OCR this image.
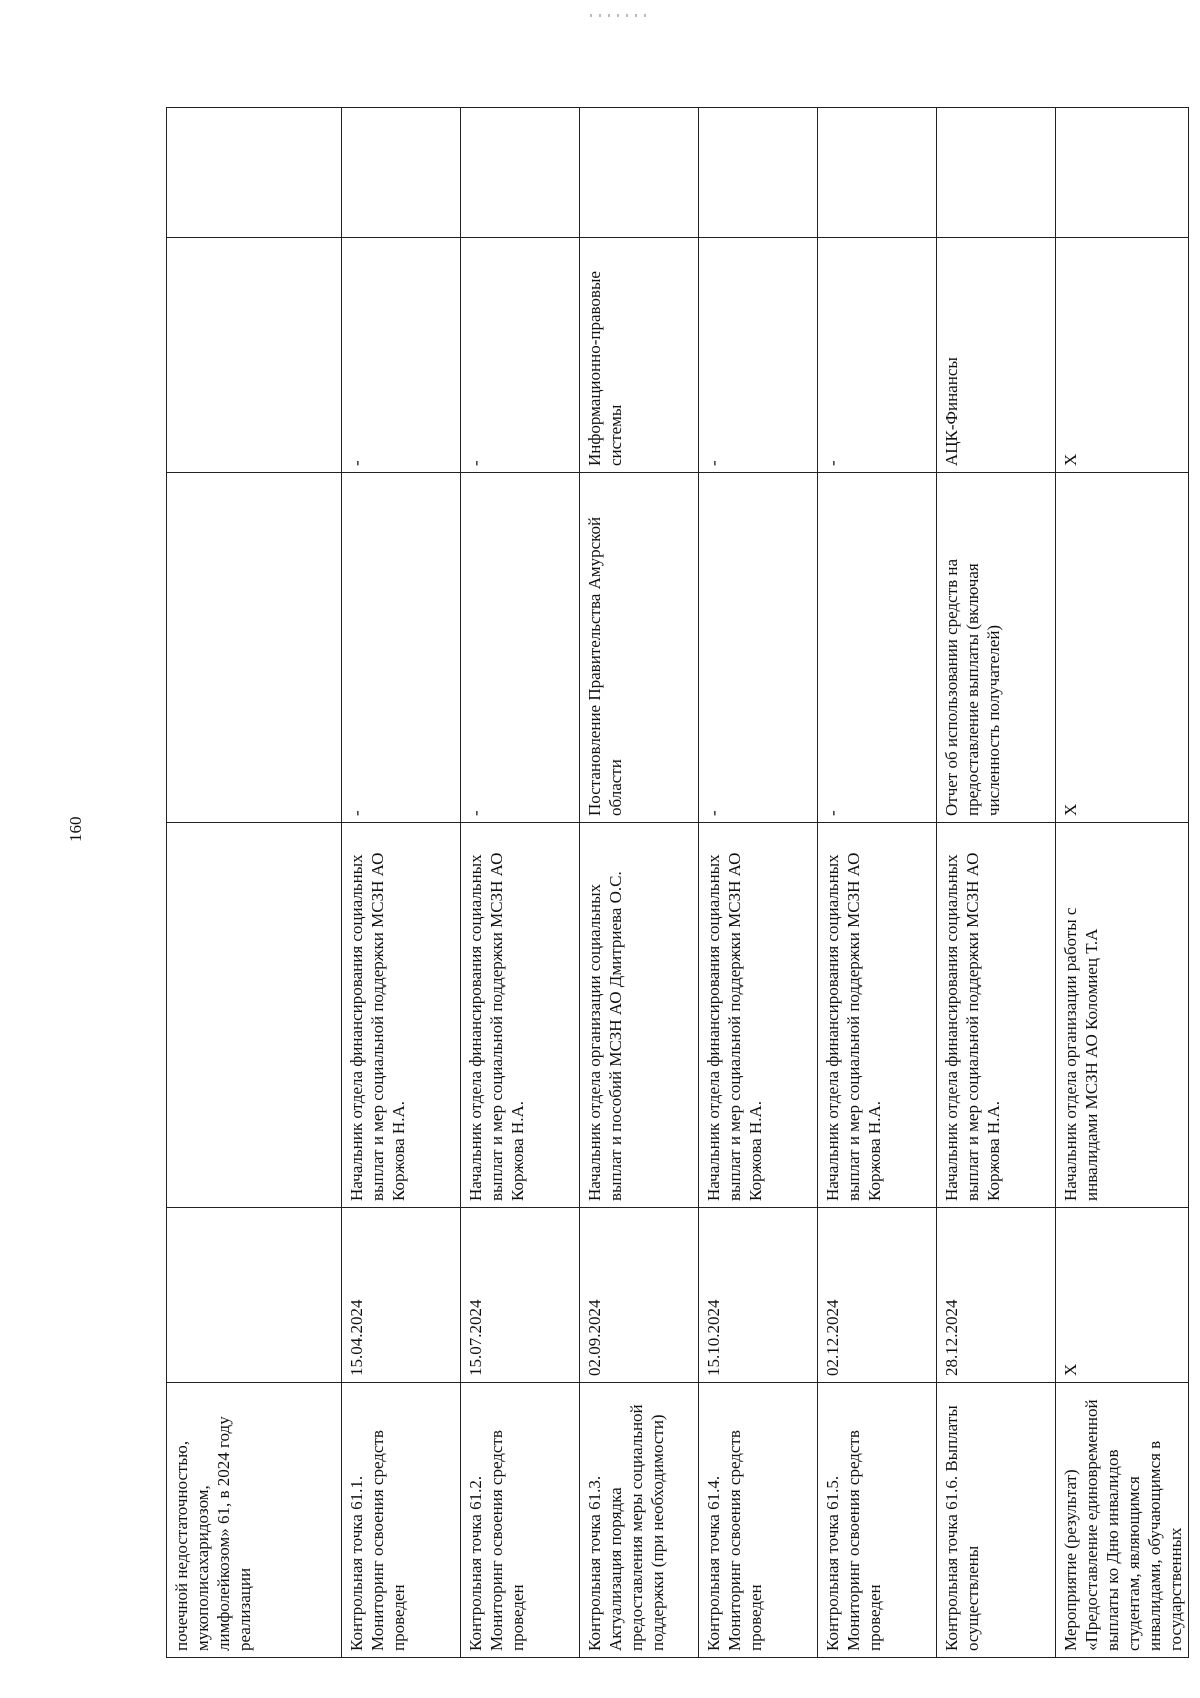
160
почечной недостаточностью, мукополисахаридозом, лимфолейкозом» 61, в 2024 году реализации					
Контрольная точка 61.1. Мониторинг освоения средств проведен	15.04.2024	Начальник отдела финансирования социальных выплат и мер социальной поддержки МСЗН АО Коржова Н.А.	-	-	
Контрольная точка 61.2. Мониторинг освоения средств проведен	15.07.2024	Начальник отдела финансирования социальных выплат и мер социальной поддержки МСЗН АО Коржова Н.А.	-	-	
Контрольная точка 61.3. Актуализация порядка предоставления меры социальной поддержки (при необходимости)	02.09.2024	Начальник отдела организации социальных выплат и пособий МСЗН АО Дмитриева О.С.	Постановление Правительства Амурской области	Информационно-правовые системы	
Контрольная точка 61.4. Мониторинг освоения средств проведен	15.10.2024	Начальник отдела финансирования социальных выплат и мер социальной поддержки МСЗН АО Коржова Н.А.	-	-	
Контрольная точка 61.5. Мониторинг освоения средств проведен	02.12.2024	Начальник отдела финансирования социальных выплат и мер социальной поддержки МСЗН АО Коржова Н.А.	-	-	
Контрольная точка 61.6. Выплаты осуществлены	28.12.2024	Начальник отдела финансирования социальных выплат и мер социальной поддержки МСЗН АО Коржова Н.А.	Отчет об использовании средств на предоставление выплаты (включая численность получателей)	АЦК-Финансы	
Мероприятие (результат) «Предоставление единовременной выплаты ко Дню инвалидов студентам, являющимся инвалидами, обучающимся в государственных	Х	Начальник отдела организации работы с инвалидами МСЗН АО Коломиец Т.А	Х	Х	
